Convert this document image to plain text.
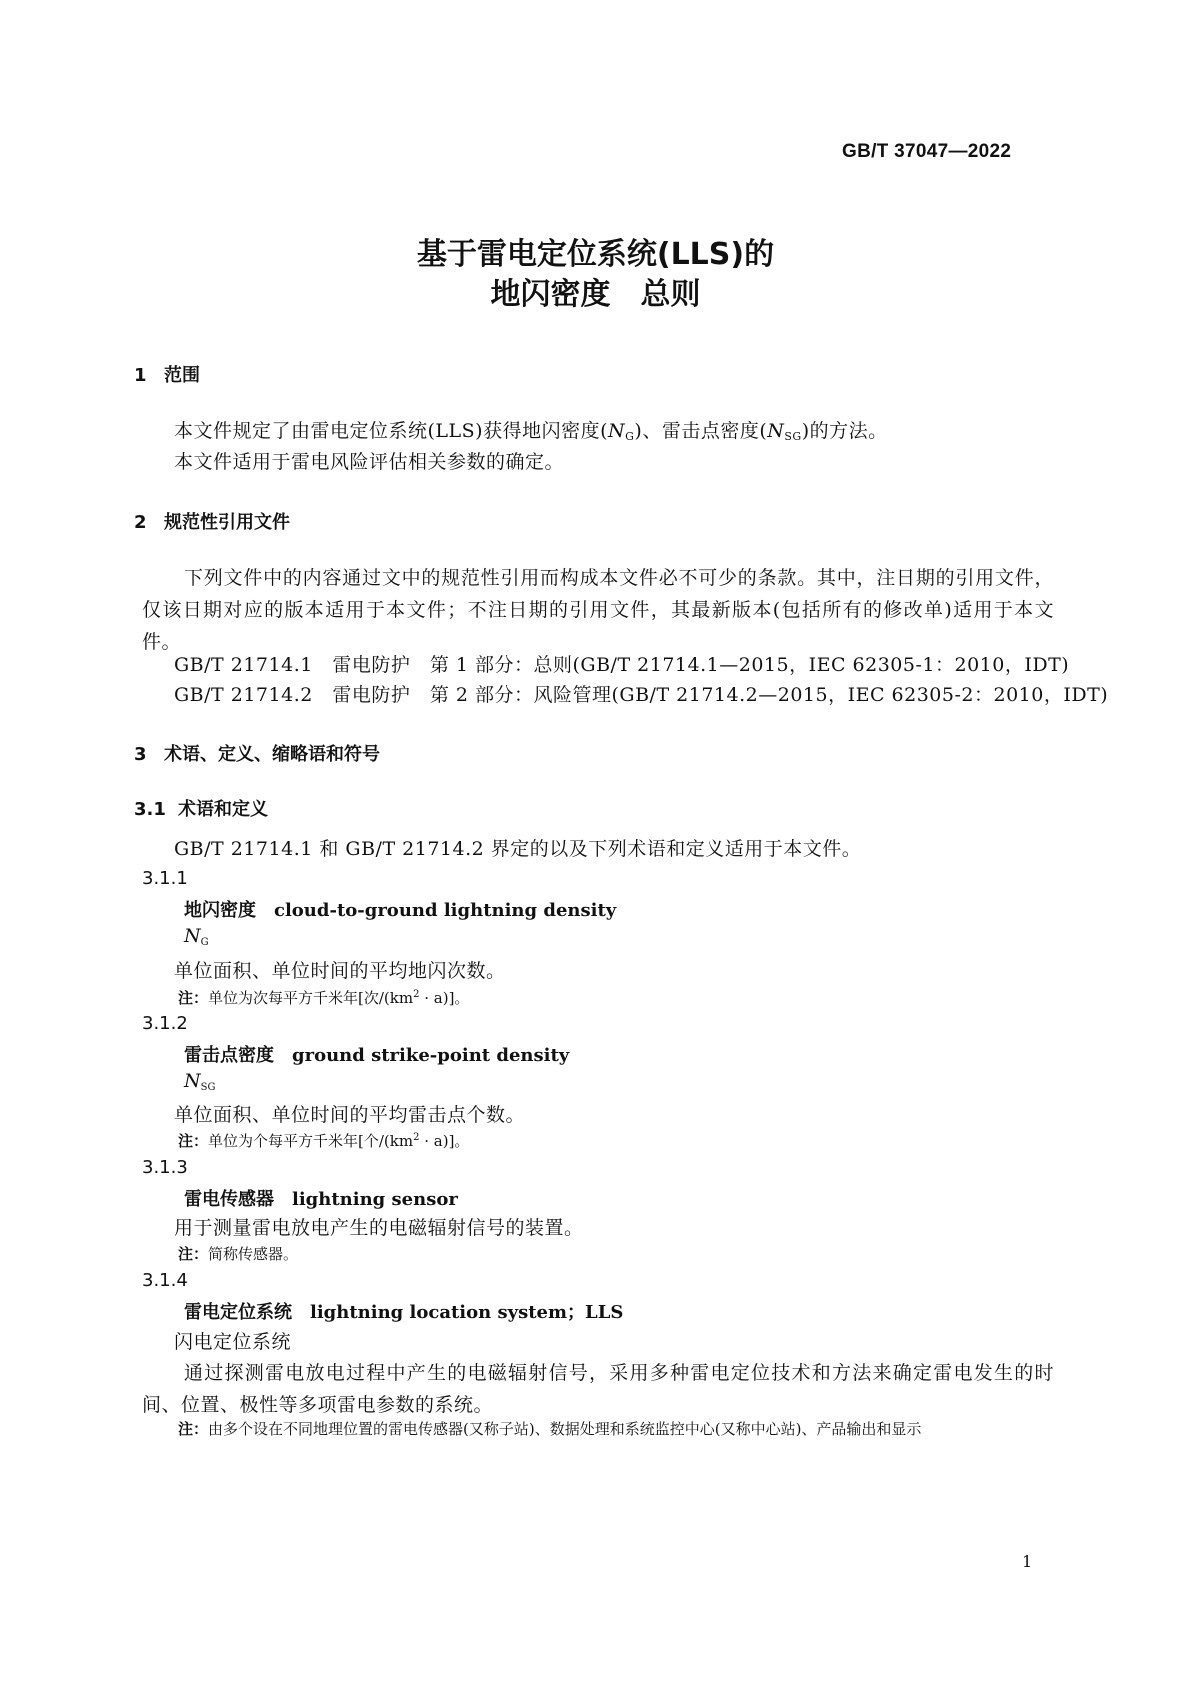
GB/T 37047—2022
基于雷电定位系统(LLS)的
地闪密度　总则
1 范围
本文件规定了由雷电定位系统(LLS)获得地闪密度$(N_G)$、雷击点密度$(N_{SG})$的方法。
本文件适用于雷电风险评估相关参数的确定。
2 规范性引用文件
下列文件中的内容通过文中的规范性引用而构成本文件必不可少的条款。其中，注日期的引用文件，仅该日期对应的版本适用于本文件；不注日期的引用文件，其最新版本(包括所有的修改单)适用于本文件。
GB/T 21714.1　雷电防护　第 1 部分：总则(GB/T 21714.1—2015，IEC 62305-1：2010，IDT)
GB/T 21714.2　雷电防护　第 2 部分：风险管理(GB/T 21714.2—2015，IEC 62305-2：2010，IDT)
3 术语、定义、缩略语和符号
3.1 术语和定义
GB/T 21714.1 和 GB/T 21714.2 界定的以及下列术语和定义适用于本文件。
3.1.1
地闪密度 cloud-to-ground lightning density
$N_G$
单位面积、单位时间的平均地闪次数。
注：单位为次每平方千米年[次$/(km^2 \cdot a)$]。
3.1.2
雷击点密度 ground strike-point density
$N_{SG}$
单位面积、单位时间的平均雷击点个数。
注：单位为个每平方千米年[个$/(km^2 \cdot a)$]。
3.1.3
雷电传感器 lightning sensor
用于测量雷电放电产生的电磁辐射信号的装置。
注：简称传感器。
3.1.4
雷电定位系统 lightning location system；LLS
闪电定位系统
通过探测雷电放电过程中产生的电磁辐射信号，采用多种雷电定位技术和方法来确定雷电发生的时间、位置、极性等多项雷电参数的系统。
注：由多个设在不同地理位置的雷电传感器(又称子站)、数据处理和系统监控中心(又称中心站)、产品输出和显示
1
